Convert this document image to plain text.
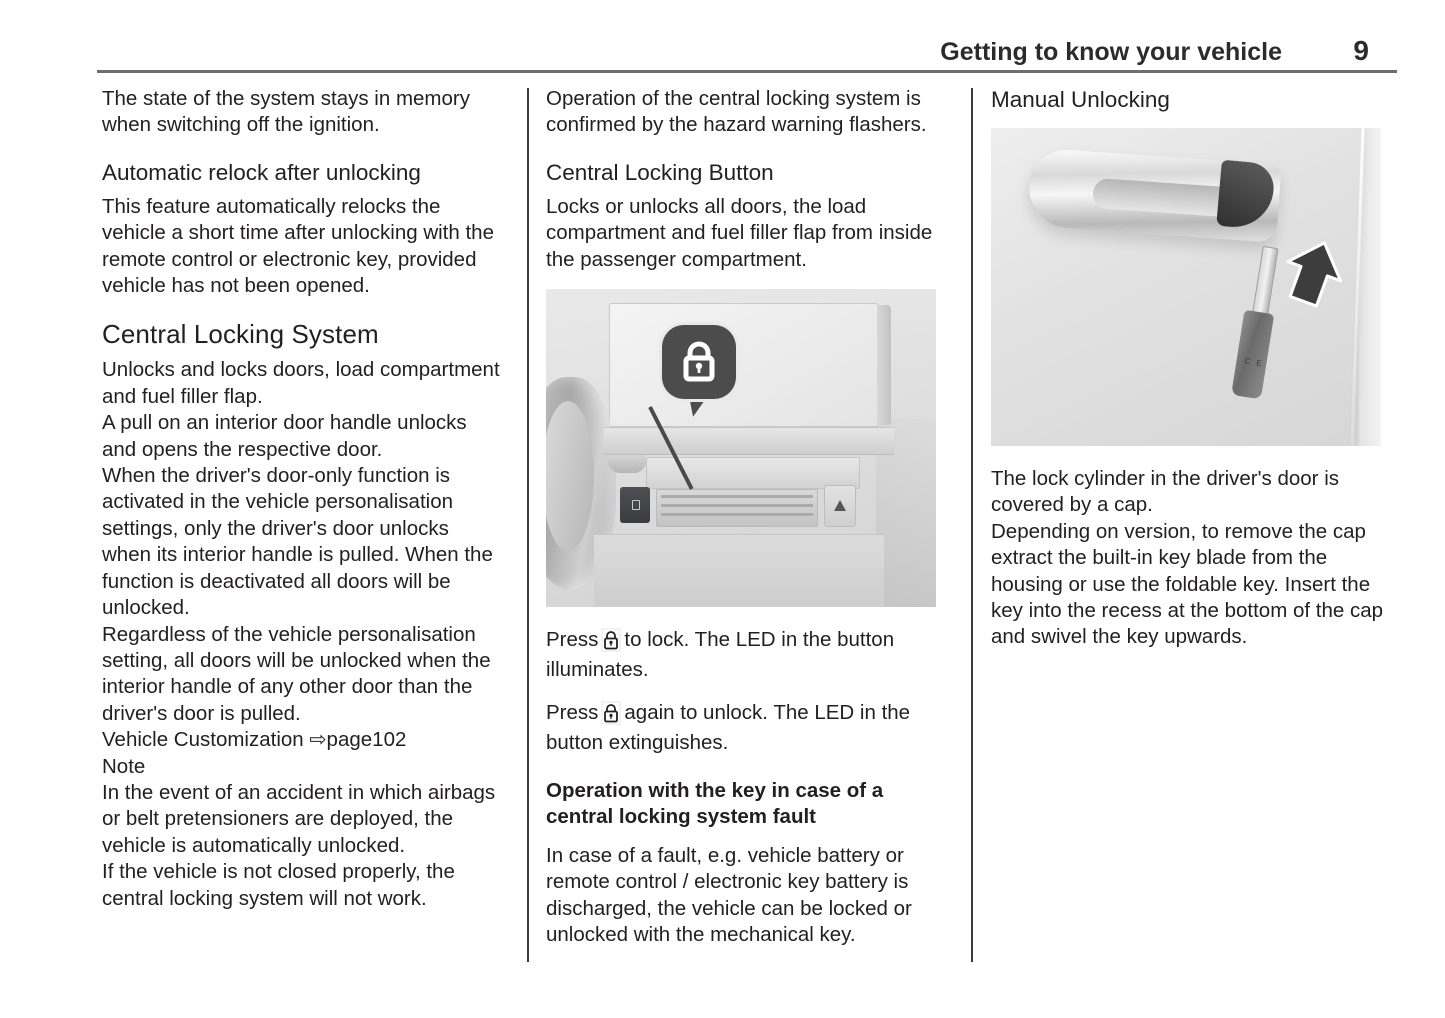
Getting to know your vehicle	9

The state of the system stays in memory when switching off the ignition.

Automatic relock after unlocking

This feature automatically relocks the vehicle a short time after unlocking with the remote control or electronic key, provided vehicle has not been opened.

Central Locking System

Unlocks and locks doors, load compartment and fuel filler flap.

A pull on an interior door handle unlocks and opens the respective door.

When the driver's door-only function is activated in the vehicle personalisation settings, only the driver's door unlocks when its interior handle is pulled. When the function is deactivated all doors will be unlocked.

Regardless of the vehicle personalisation setting, all doors will be unlocked when the interior handle of any other door than the driver's door is pulled.

Vehicle Customization ⇨page102

Note

In the event of an accident in which airbags or belt pretensioners are deployed, the vehicle is automatically unlocked.

If the vehicle is not closed properly, the central locking system will not work.

Operation of the central locking system is confirmed by the hazard warning flashers.

Central Locking Button

Locks or unlocks all doors, the load compartment and fuel filler flap from inside the passenger compartment.

Press to lock. The LED in the button illuminates.

Press again to unlock. The LED in the button extinguishes.

Operation with the key in case of a central locking system fault

In case of a fault, e.g. vehicle battery or remote control / electronic key battery is discharged, the vehicle can be locked or unlocked with the mechanical key.

Manual Unlocking
C E

The lock cylinder in the driver's door is covered by a cap.

Depending on version, to remove the cap extract the built-in key blade from the housing or use the foldable key. Insert the key into the recess at the bottom of the cap and swivel the key upwards.
